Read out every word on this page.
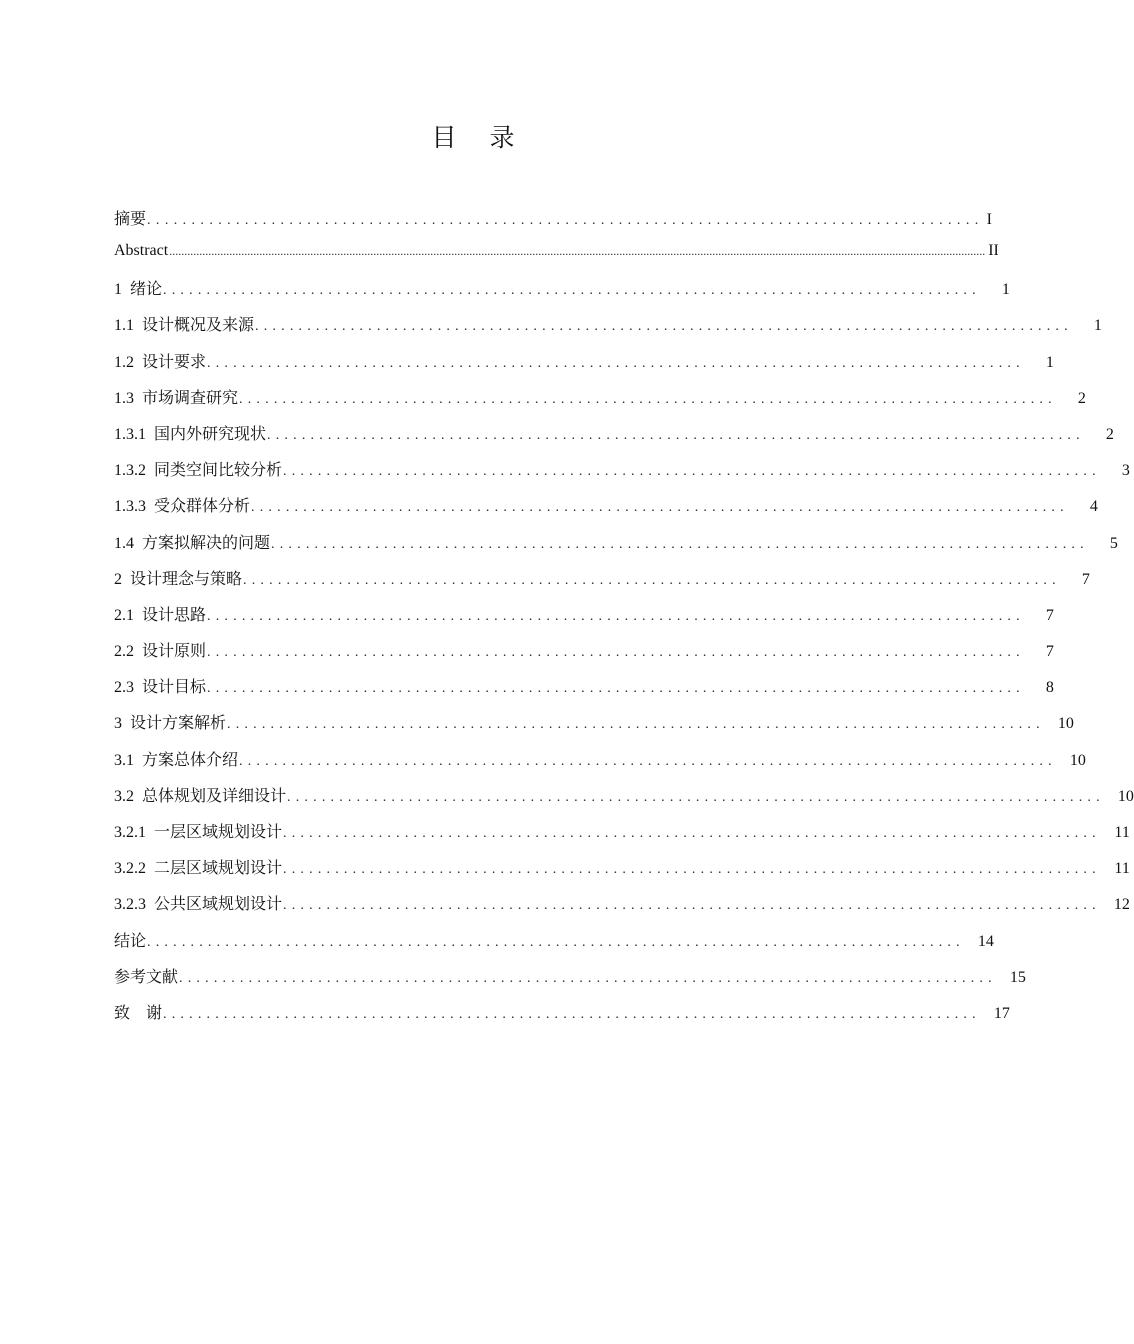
目　录
摘要 .............................................................................................. I
Abstract ................................................................................................................................................................................................................................................................................ II
1 绪论 ..............................................................................................	1
1.1 设计概况及来源 ..............................................................................................	1
1.2 设计要求 ..............................................................................................	1
1.3 市场调查研究 ..............................................................................................	2
1.3.1 国内外研究现状 ..............................................................................................	2
1.3.2 同类空间比较分析 ..............................................................................................	3
1.3.3 受众群体分析 ..............................................................................................	4
1.4 方案拟解决的问题 ..............................................................................................	5
2 设计理念与策略 ..............................................................................................	7
2.1 设计思路 ..............................................................................................	7
2.2 设计原则 ..............................................................................................	7
2.3 设计目标 ..............................................................................................	8
3 设计方案解析 .............................................................................................. 10
3.1 方案总体介绍 .............................................................................................. 10
3.2 总体规划及详细设计 .............................................................................................. 10
3.2.1 一层区域规划设计 .............................................................................................. 11
3.2.2 二层区域规划设计 .............................................................................................. 11
3.2.3 公共区域规划设计 .............................................................................................. 12
结论 .............................................................................................. 14
参考文献 .............................................................................................. 15
致　谢 .............................................................................................. 17
